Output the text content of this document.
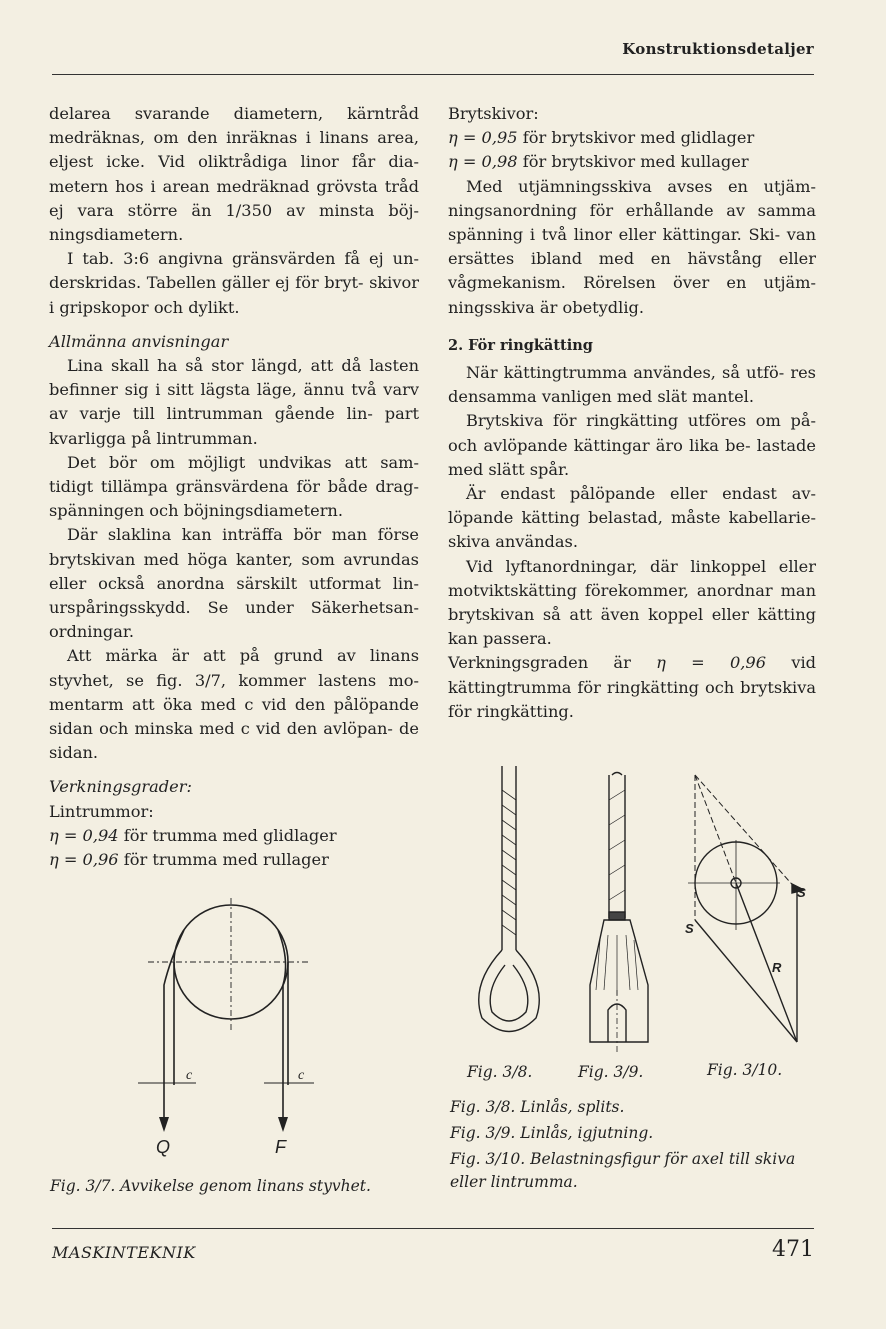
Konstruktionsdetaljer

delarea svarande diametern, kärntråd medräknas, om den inräknas i linans area, eljest icke. Vid oliktrådiga linor får dia- metern hos i arean medräknad grövsta tråd ej vara större än 1/350 av minsta böj- ningsdiametern.

I tab. 3:6 angivna gränsvärden få ej un- derskridas. Tabellen gäller ej för bryt- skivor i gripskopor och dylikt.

Allmänna anvisningar

Lina skall ha så stor längd, att då lasten befinner sig i sitt lägsta läge, ännu två varv av varje till lintrumman gående lin- part kvarligga på lintrumman.

Det bör om möjligt undvikas att sam- tidigt tillämpa gränsvärdena för både drag- spänningen och böjningsdiametern.

Där slaklina kan inträffa bör man förse brytskivan med höga kanter, som avrundas eller också anordna särskilt utformat lin- urspåringsskydd. Se under Säkerhetsan- ordningar.

Att märka är att på grund av linans styvhet, se fig. 3/7, kommer lastens mo- mentarm att öka med c vid den pålöpande sidan och minska med c vid den avlöpan- de sidan.

Verkningsgrader:

Lintrummor:

η = 0,94 för trumma med glidlager

η = 0,96 för trumma med rullager

Brytskivor:

η = 0,95 för brytskivor med glidlager

η = 0,98 för brytskivor med kullager

Med utjämningsskiva avses en utjäm- ningsanordning för erhållande av samma spänning i två linor eller kättingar. Ski- van ersättes ibland med en hävstång eller vågmekanism. Rörelsen över en utjäm- ningsskiva är obetydlig.

2. För ringkätting

När kättingtrumma användes, så utfö- res densamma vanligen med slät mantel.

Brytskiva för ringkätting utföres om på- och avlöpande kättingar äro lika be- lastade med slätt spår.

Är endast pålöpande eller endast av- löpande kätting belastad, måste kabellarie- skiva användas.

Vid lyftanordningar, där linkoppel eller motviktskätting förekommer, anordnar man brytskivan så att även koppel eller kätting kan passera.

Verkningsgraden är η = 0,96 vid kättingtrumma för ringkätting och brytskiva för ringkätting.

c	c
Q	F
Fig. 3/7. Avvikelse genom linans styvhet.
S
S
R
Fig. 3/8.	Fig. 3/9.	Fig. 3/10.
Fig. 3/8. Linlås, splits.
Fig. 3/9. Linlås, igjutning.
Fig. 3/10. Belastningsfigur för axel till skiva eller lintrumma.
MASKINTEKNIK	471
